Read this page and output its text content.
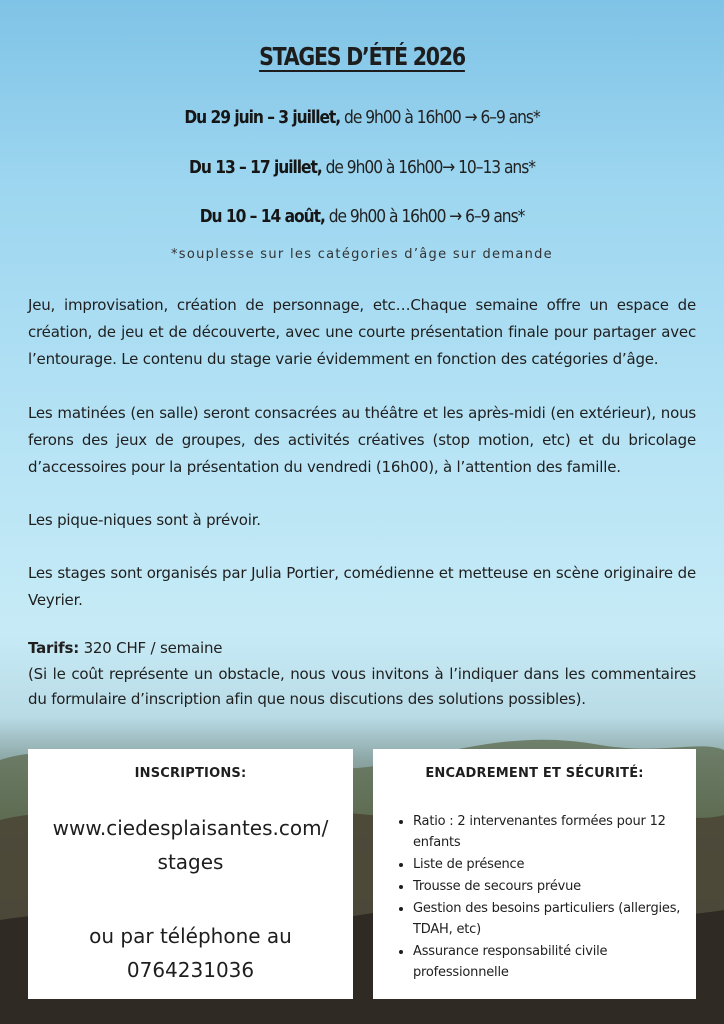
STAGES D’ÉTÉ 2026
Du 29 juin – 3 juillet, de 9h00 à 16h00 → 6–9 ans*
Du 13 – 17 juillet, de 9h00 à 16h00→ 10–13 ans*
Du 10 – 14 août, de 9h00 à 16h00 → 6–9 ans*
*souplesse sur les catégories d’âge sur demande

Jeu, improvisation, création de personnage, etc…Chaque semaine offre un espace de création, de jeu et de découverte, avec une courte présentation finale pour partager avec l’entourage. Le contenu du stage varie évidemment en fonction des catégories d’âge.

Les matinées (en salle) seront consacrées au théâtre et les après-midi (en extérieur), nous ferons des jeux de groupes, des activités créatives (stop motion, etc) et du bricolage d’accessoires pour la présentation du vendredi (16h00), à l’attention des famille.

Les pique-niques sont à prévoir.

Les stages sont organisés par Julia Portier, comédienne et metteuse en scène originaire de Veyrier.

Tarifs: 320 CHF / semaine

(Si le coût représente un obstacle, nous vous invitons à l’indiquer dans les commentaires du formulaire d’inscription afin que nous discutions des solutions possibles).

INSCRIPTIONS:
www.ciedesplaisantes.com/
stages
ou par téléphone au
0764231036
ENCADREMENT ET SÉCURITÉ:
• Ratio : 2 intervenantes formées pour 12 enfants
• Liste de présence
• Trousse de secours prévue
• Gestion des besoins particuliers (allergies, TDAH, etc)
• Assurance responsabilité civile professionnelle
